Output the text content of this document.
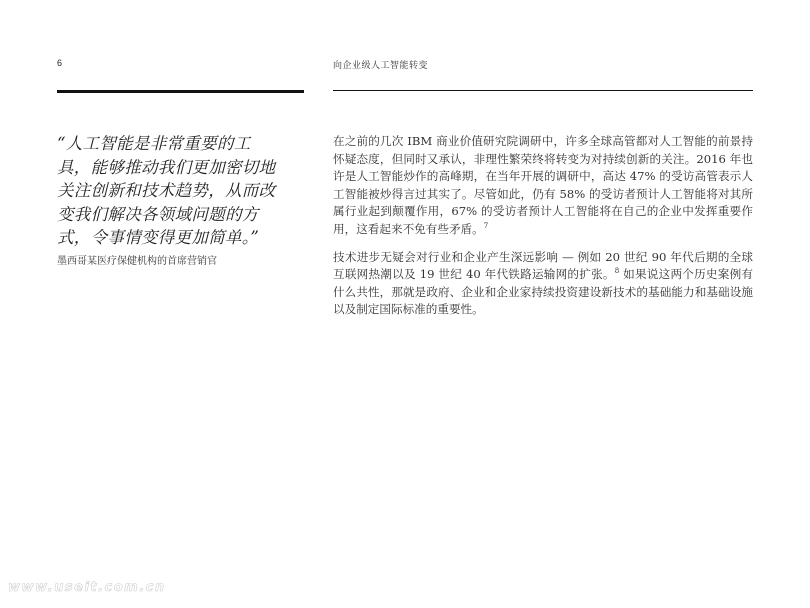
6	向企业级人工智能转变
“人工智能是非常重要的工具，能够推动我们更加密切地关注创新和技术趋势，从而改变我们解决各领域问题的方式，令事情变得更加简单。”
墨西哥某医疗保健机构的首席营销官

在之前的几次 IBM 商业价值研究院调研中，许多全球高管都对人工智能的前景持怀疑态度，但同时又承认，非理性繁荣终将转变为对持续创新的关注。2016 年也许是人工智能炒作的高峰期，在当年开展的调研中，高达 47% 的受访高管表示人工智能被炒得言过其实了。尽管如此，仍有 58% 的受访者预计人工智能将对其所属行业起到颠覆作用，67% 的受访者预计人工智能将在自己的企业中发挥重要作用，这看起来不免有些矛盾。$^7$

技术进步无疑会对行业和企业产生深远影响 — 例如 20 世纪 90 年代后期的全球互联网热潮以及 19 世纪 40 年代铁路运输网的扩张。$^8$ 如果说这两个历史案例有什么共性，那就是政府、企业和企业家持续投资建设新技术的基础能力和基础设施以及制定国际标准的重要性。

www.useit.com.cn
